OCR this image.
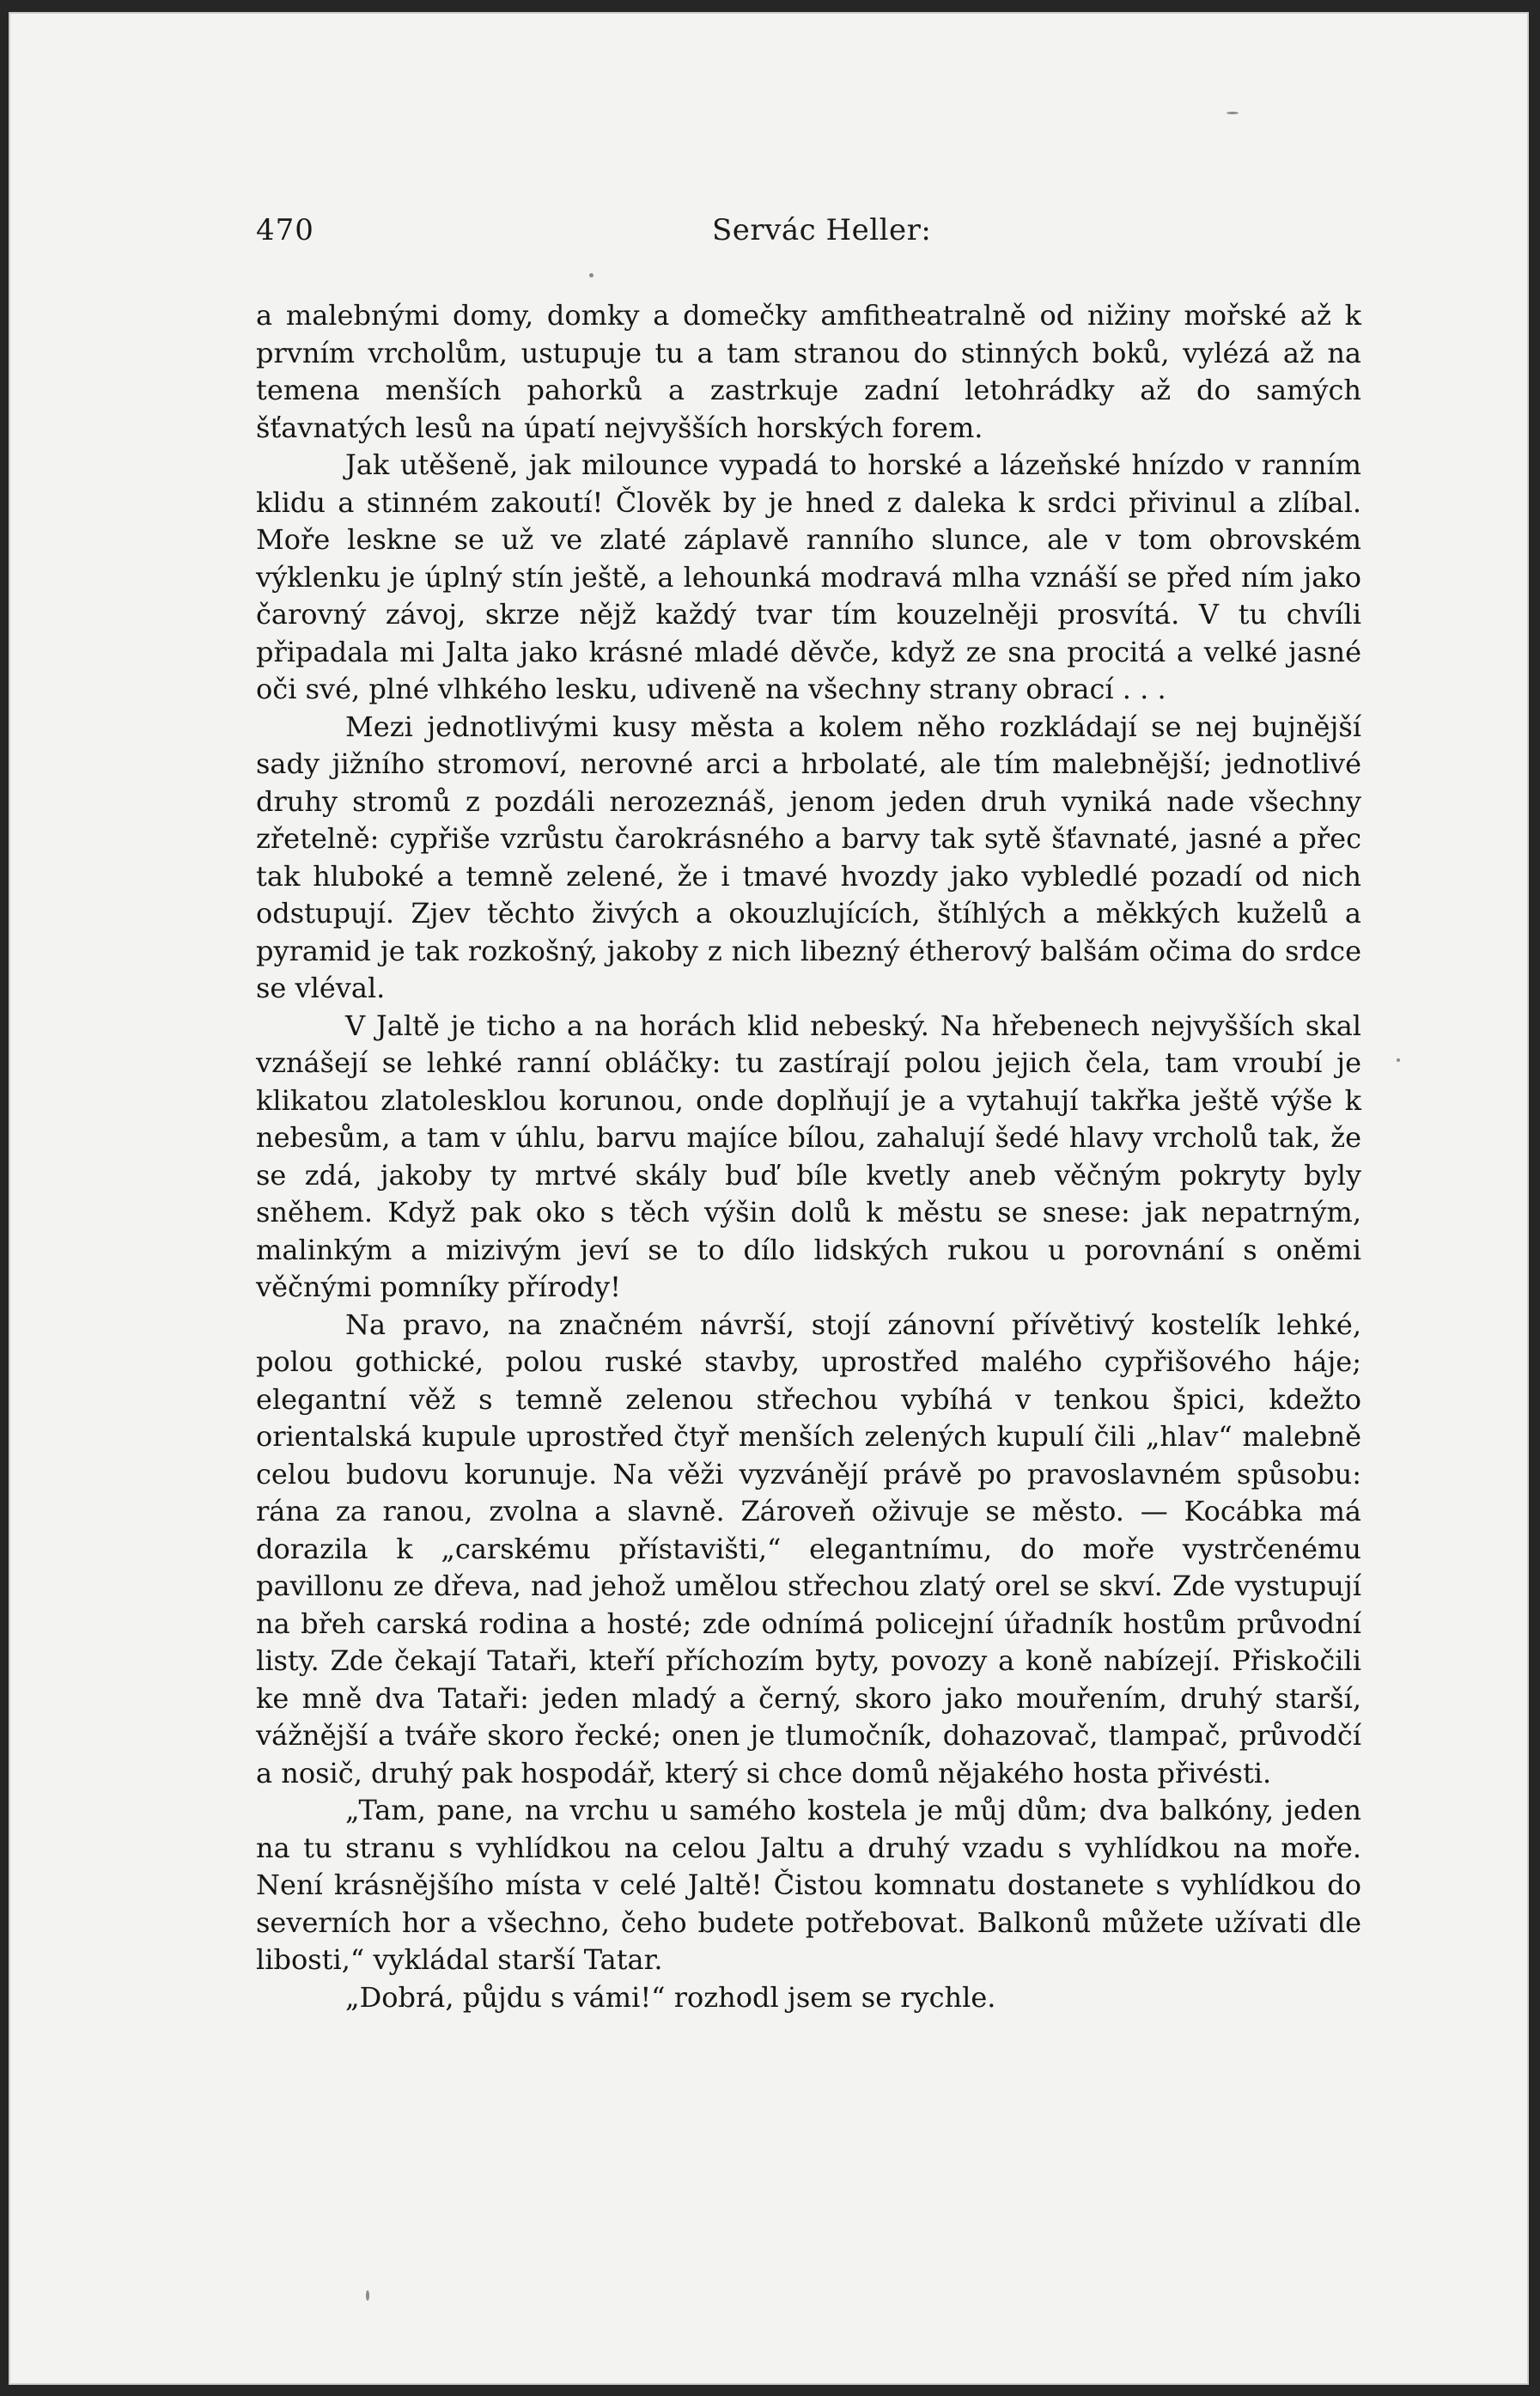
470	Servác Heller:

a malebnými domy, domky a domečky amfitheatralně od nižiny mořské až k prvním vrcholům, ustupuje tu a tam stranou do stinných boků, vylézá až na temena menších pahorků a zastrkuje zadní letohrádky až do samých šťavnatých lesů na úpatí nejvyšších horských forem.

Jak utěšeně, jak milounce vypadá to horské a lázeňské hnízdo v ranním klidu a stinném zakoutí! Člověk by je hned z daleka k srdci přivinul a zlíbal. Moře leskne se už ve zlaté záplavě ranního slunce, ale v tom obrovském výklenku je úplný stín ještě, a lehounká modravá mlha vznáší se před ním jako čarovný závoj, skrze nějž každý tvar tím kouzelněji prosvítá. V tu chvíli připadala mi Jalta jako krásné mladé děvče, když ze sna procitá a velké jasné oči své, plné vlhkého lesku, udiveně na všechny strany obrací . . .

Mezi jednotlivými kusy města a kolem něho rozkládají se nej bujnější sady jižního stromoví, nerovné arci a hrbolaté, ale tím malebnější; jednotlivé druhy stromů z pozdáli nerozeznáš, jenom jeden druh vyniká nade všechny zřetelně: cypřiše vzrůstu čarokrásného a barvy tak sytě šťavnaté, jasné a přec tak hluboké a temně zelené, že i tmavé hvozdy jako vybledlé pozadí od nich odstupují. Zjev těchto živých a okouzlujících, štíhlých a měkkých kuželů a pyramid je tak rozkošný, jakoby z nich libezný étherový balšám očima do srdce se vléval.

V Jaltě je ticho a na horách klid nebeský. Na hřebenech nejvyšších skal vznášejí se lehké ranní obláčky: tu zastírají polou jejich čela, tam vroubí je klikatou zlatolesklou korunou, onde doplňují je a vytahují takřka ještě výše k nebesům, a tam v úhlu, barvu majíce bílou, zahalují šedé hlavy vrcholů tak, že se zdá, jakoby ty mrtvé skály buď bíle kvetly aneb věčným pokryty byly sněhem. Když pak oko s těch výšin dolů k městu se snese: jak nepatrným, malinkým a mizivým jeví se to dílo lidských rukou u porovnání s oněmi věčnými pomníky přírody!

Na pravo, na značném návrší, stojí zánovní přívětivý kostelík lehké, polou gothické, polou ruské stavby, uprostřed malého cypřišového háje; elegantní věž s temně zelenou střechou vybíhá v tenkou špici, kdežto orientalská kupule uprostřed čtyř menších zelených kupulí čili „hlav“ malebně celou budovu korunuje. Na věži vyzvánějí právě po pravoslavném spůsobu: rána za ranou, zvolna a slavně. Zároveň oživuje se město. — Kocábka má dorazila k „carskému přístavišti,“ elegantnímu, do moře vystrčenému pavillonu ze dřeva, nad jehož umělou střechou zlatý orel se skví. Zde vystupují na břeh carská rodina a hosté; zde odnímá policejní úřadník hostům průvodní listy. Zde čekají Tataři, kteří příchozím byty, povozy a koně nabízejí. Přiskočili ke mně dva Tataři: jeden mladý a černý, skoro jako mouřením, druhý starší, vážnější a tváře skoro řecké; onen je tlumočník, dohazovač, tlampač, průvodčí a nosič, druhý pak hospodář, který si chce domů nějakého hosta přivésti.

„Tam, pane, na vrchu u samého kostela je můj dům; dva balkóny, jeden na tu stranu s vyhlídkou na celou Jaltu a druhý vzadu s vyhlídkou na moře. Není krásnějšího místa v celé Jaltě! Čistou komnatu dostanete s vyhlídkou do severních hor a všechno, čeho budete potřebovat. Balkonů můžete užívati dle libosti,“ vykládal starší Tatar.

„Dobrá, půjdu s vámi!“ rozhodl jsem se rychle.
